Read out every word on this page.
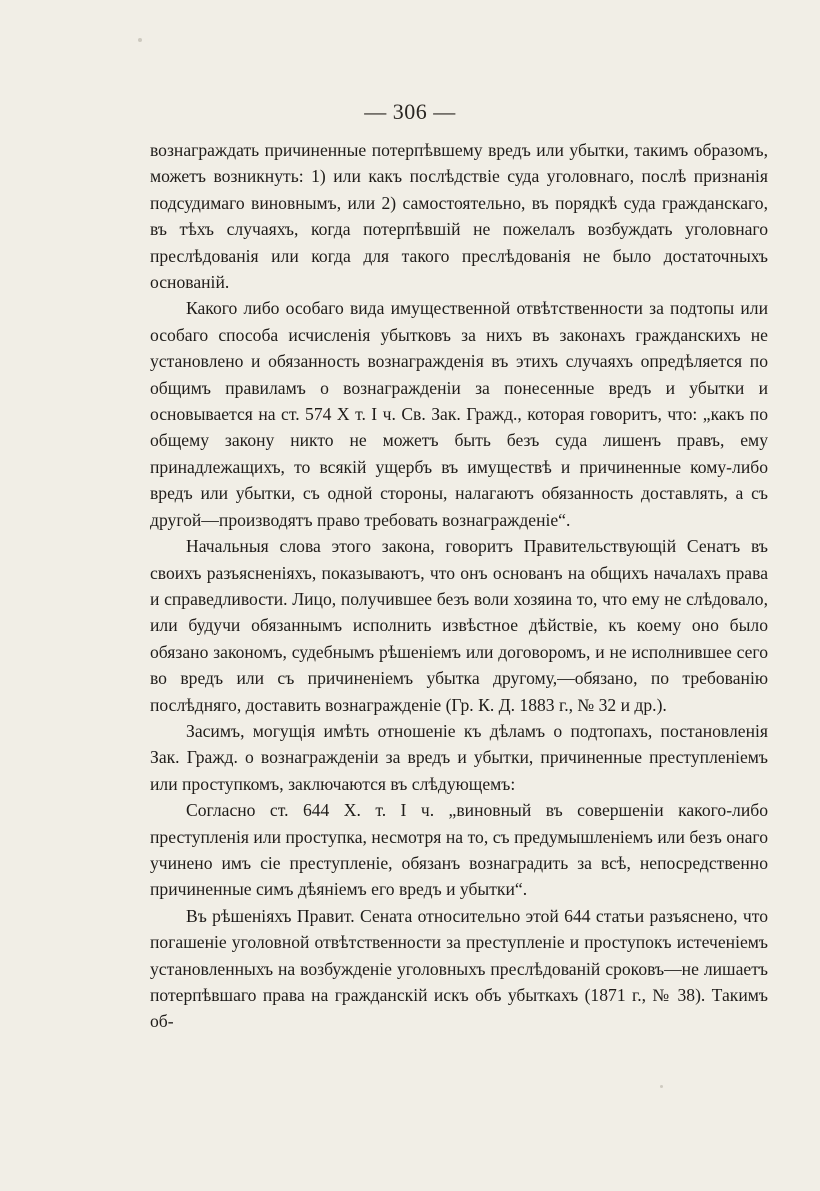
— 306 —

вознаграждать причиненные потерпѣвшему вредъ или убытки, такимъ образомъ, можетъ возникнуть: 1) или какъ послѣдствіе суда уголовнаго, послѣ признанія подсудимаго виновнымъ, или 2) самостоятельно, въ порядкѣ суда гражданскаго, въ тѣхъ случаяхъ, когда потерпѣвшій не пожелалъ возбуждать уголовнаго преслѣдованія или когда для такого преслѣдованія не было достаточныхъ основаній.

Какого либо особаго вида имущественной отвѣтственности за подтопы или особаго способа исчисленія убытковъ за нихъ въ законахъ гражданскихъ не установлено и обязанность вознагражденія въ этихъ случаяхъ опредѣляется по общимъ правиламъ о вознагражденіи за понесенные вредъ и убытки и основывается на ст. 574 X т. I ч. Св. Зак. Гражд., которая говоритъ, что: „какъ по общему закону никто не можетъ быть безъ суда лишенъ правъ, ему принадлежащихъ, то всякій ущербъ въ имуществѣ и причиненные кому-либо вредъ или убытки, съ одной стороны, налагаютъ обязанность доставлять, а съ другой—производятъ право требовать вознагражденіе“.

Начальныя слова этого закона, говоритъ Правительствующій Сенатъ въ своихъ разъясненіяхъ, показываютъ, что онъ основанъ на общихъ началахъ права и справедливости. Лицо, получившее безъ воли хозяина то, что ему не слѣдовало, или будучи обязаннымъ исполнить извѣстное дѣйствіе, къ коему оно было обязано закономъ, судебнымъ рѣшеніемъ или договоромъ, и не исполнившее сего во вредъ или съ причиненіемъ убытка другому,—обязано, по требованію послѣдняго, доставить вознагражденіе (Гр. К. Д. 1883 г., № 32 и др.).

Засимъ, могущія имѣть отношеніе къ дѣламъ о подтопахъ, постановленія Зак. Гражд. о вознагражденіи за вредъ и убытки, причиненные преступленіемъ или проступкомъ, заключаются въ слѣдующемъ:

Согласно ст. 644 X. т. I ч. „виновный въ совершеніи какого-либо преступленія или проступка, несмотря на то, съ предумышленіемъ или безъ онаго учинено имъ сіе преступленіе, обязанъ вознаградить за всѣ, непосредственно причиненные симъ дѣяніемъ его вредъ и убытки“.

Въ рѣшеніяхъ Правит. Сената относительно этой 644 статьи разъяснено, что погашеніе уголовной отвѣтственности за преступленіе и проступокъ истеченіемъ установленныхъ на возбужденіе уголовныхъ преслѣдованій сроковъ—не лишаетъ потерпѣвшаго права на гражданскій искъ объ убыткахъ (1871 г., № 38). Такимъ об-
